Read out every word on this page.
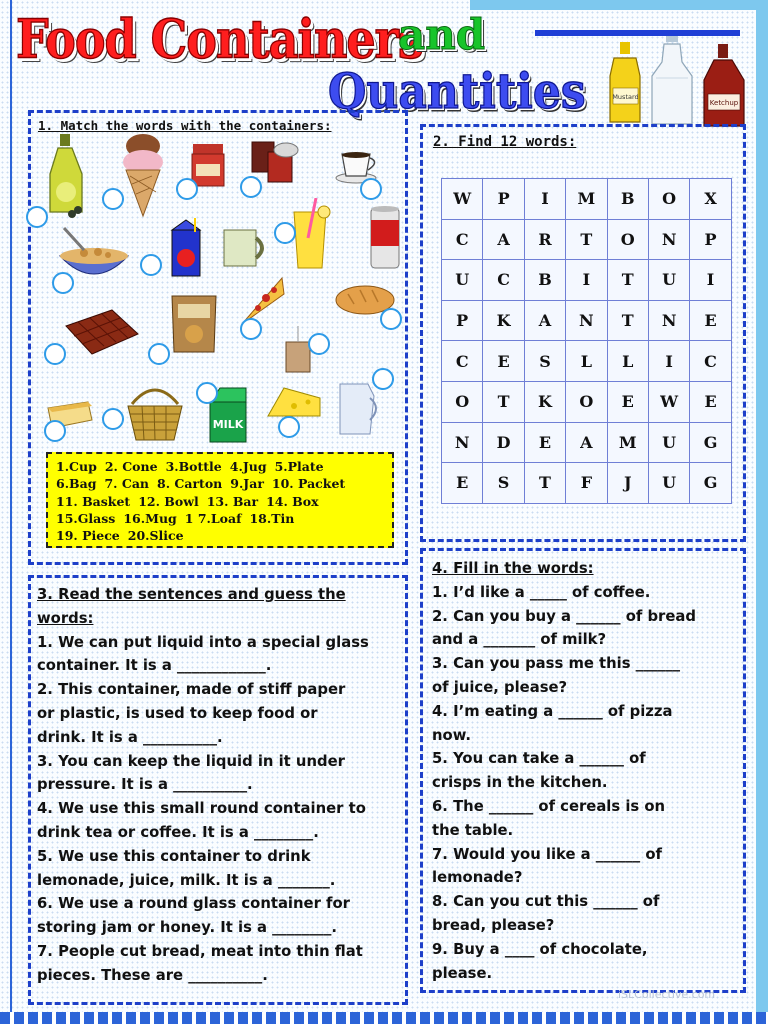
Food Containers
and
Quantities	Mustard
Ketchup
1. Match the words with the containers:
MILK
1.Cup 2. Cone 3.Bottle 4.Jug 5.Plate
6.Bag 7. Can 8. Carton 9.Jar 10. Packet
11. Basket 12. Bowl 13. Bar 14. Box
15.Glass 16.Mug 1 7.Loaf 18.Tin
19. Piece 20.Slice
2. Find 12 words:
W	P	I	M	B	O	X
C	A	R	T	O	N	P
U	C	B	I	T	U	I
P	K	A	N	T	N	E
C	E	S	L	L	I	C
O	T	K	O	E	W	E
N	D	E	A	M	U	G
E	S	T	F	J	U	G
3. Read the sentences and guess the words:
1. We can put liquid into a special glass
container. It is a ____________.
2. This container, made of stiff paper
or plastic, is used to keep food or
drink. It is a __________.
3. You can keep the liquid in it under
pressure. It is a __________.
4. We use this small round container to
drink tea or coffee. It is a ________.
5. We use this container to drink
lemonade, juice, milk. It is a _______.
6. We use a round glass container for
storing jam or honey. It is a ________.
7. People cut bread, meat into thin flat
pieces. These are __________.
4. Fill in the words:
1. I’d like a _____ of coffee.
2. Can you buy a ______ of bread
and a _______ of milk?
3. Can you pass me this ______
of juice, please?
4. I’m eating a ______ of pizza
now.
5. You can take a ______ of
crisps in the kitchen.
6. The ______ of cereals is on
the table.
7. Would you like a ______ of
lemonade?
8. Can you cut this ______ of
bread, please?
9. Buy a ____ of chocolate,
please.
iSLCollective.com
